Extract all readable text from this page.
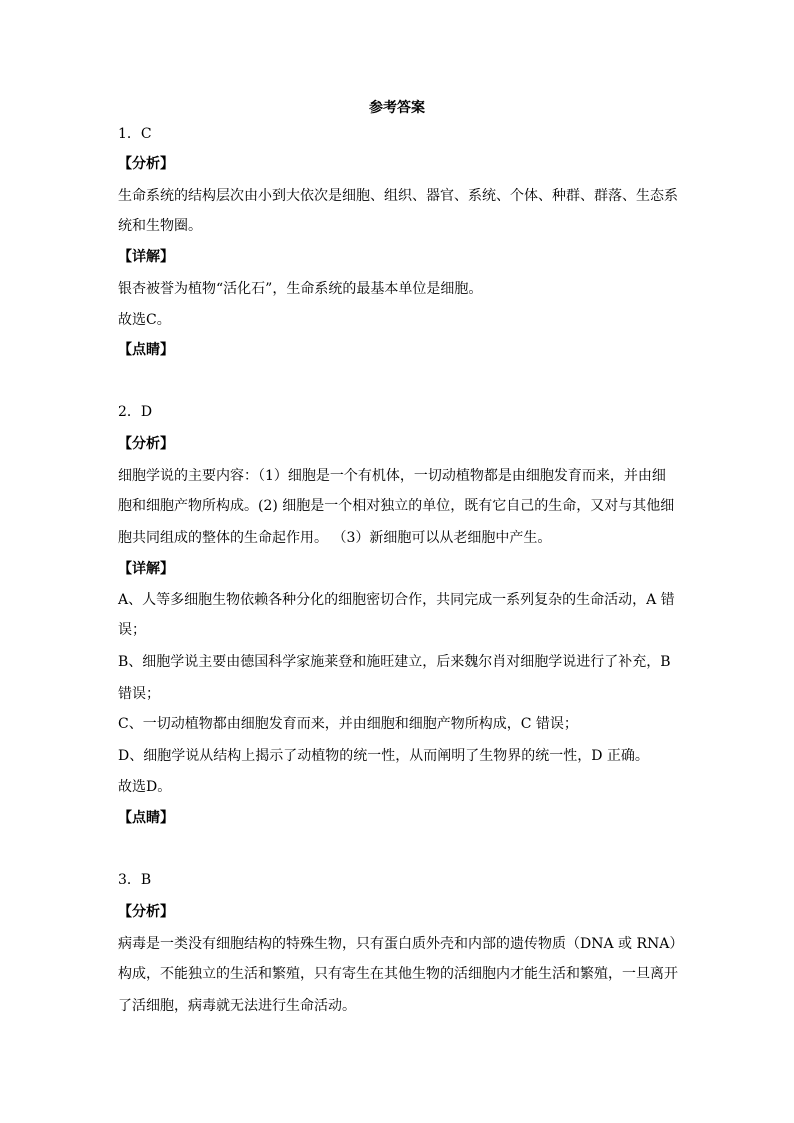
参考答案
1．C
【分析】
生命系统的结构层次由小到大依次是细胞、组织、器官、系统、个体、种群、群落、生态系
统和生物圈。
【详解】
银杏被誉为植物“活化石”，生命系统的最基本单位是细胞。
故选C。
【点睛】
2．D
【分析】
细胞学说的主要内容：（1）细胞是一个有机体，一切动植物都是由细胞发育而来，并由细
胞和细胞产物所构成。(2) 细胞是一个相对独立的单位，既有它自己的生命，又对与其他细
胞共同组成的整体的生命起作用。 （3）新细胞可以从老细胞中产生。
【详解】
A、人等多细胞生物依赖各种分化的细胞密切合作，共同完成一系列复杂的生命活动，A 错
误；
B、细胞学说主要由德国科学家施莱登和施旺建立，后来魏尔肖对细胞学说进行了补充，B
错误；
C、一切动植物都由细胞发育而来，并由细胞和细胞产物所构成，C 错误；
D、细胞学说从结构上揭示了动植物的统一性，从而阐明了生物界的统一性，D 正确。
故选D。
【点睛】
3．B
【分析】
病毒是一类没有细胞结构的特殊生物，只有蛋白质外壳和内部的遗传物质（DNA 或 RNA）
构成，不能独立的生活和繁殖，只有寄生在其他生物的活细胞内才能生活和繁殖，一旦离开
了活细胞，病毒就无法进行生命活动。
